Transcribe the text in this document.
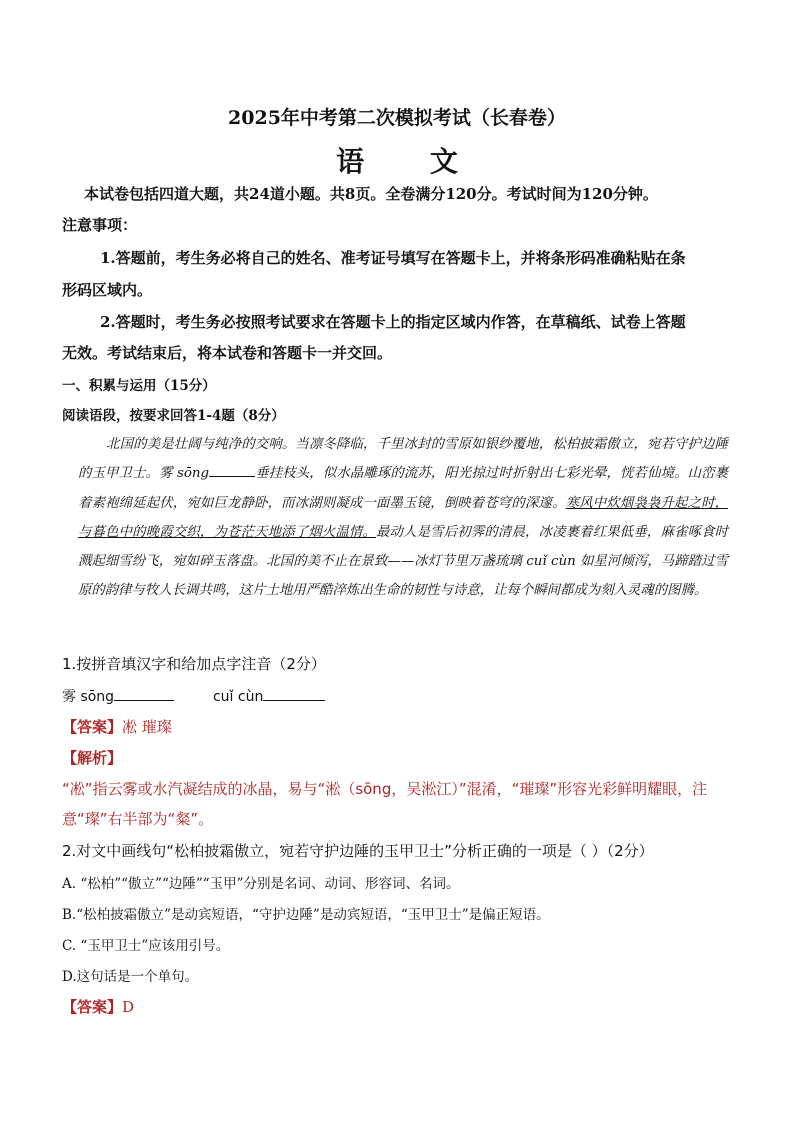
2025年中考第二次模拟考试（长春卷）
语 文
本试卷包括四道大题，共24道小题。共8页。全卷满分120分。考试时间为120分钟。
注意事项：
1.答题前，考生务必将自己的姓名、准考证号填写在答题卡上，并将条形码准确粘贴在条
形码区域内。
2.答题时，考生务必按照考试要求在答题卡上的指定区域内作答，在草稿纸、试卷上答题
无效。考试结束后，将本试卷和答题卡一并交回。
一、积累与运用（15分）
阅读语段，按要求回答1-4题（8分）
北国的美是壮阔与纯净的交响。当凛冬降临，千里冰封的雪原如银纱覆地，松柏披霜傲立，宛若守护边陲的玉甲卫士。雾 sōng	垂挂枝头，似水晶雕琢的流苏，阳光掠过时折射出七彩光晕，恍若仙境。山峦裹着素袍绵延起伏，宛如巨龙静卧，而冰湖则凝成一面墨玉镜，倒映着苍穹的深邃。寒风中炊烟袅袅升起之时，与暮色中的晚霞交织，为苍茫天地添了烟火温情。最动人是雪后初霁的清晨，冰凌裹着红果低垂，麻雀啄食时溅起细雪纷飞，宛如碎玉落盘。北国的美不止在景致——冰灯节里万盏琉璃 cuǐ cùn 如星河倾泻，马蹄踏过雪原的韵律与牧人长调共鸣，这片土地用严酷淬炼出生命的韧性与诗意，让每个瞬间都成为刻入灵魂的图腾。
1.按拼音填汉字和给加点字注音（2分）
雾 sōng	cuǐ cùn
【答案】凇 璀璨
【解析】
“凇”指云雾或水汽凝结成的冰晶，易与“淞（sōng，吴淞江）”混淆，“璀璨”形容光彩鲜明耀眼，注
意“璨”右半部为“粲”。
2.对文中画线句“松柏披霜傲立，宛若守护边陲的玉甲卫士”分析正确的一项是（ ）（2分）
A. “松柏”“傲立”“边陲”“玉甲”分别是名词、动词、形容词、名词。
B.“松柏披霜傲立”是动宾短语，“守护边陲”是动宾短语，“玉甲卫士”是偏正短语。
C. “玉甲卫士”应该用引号。
D.这句话是一个单句。
【答案】D
